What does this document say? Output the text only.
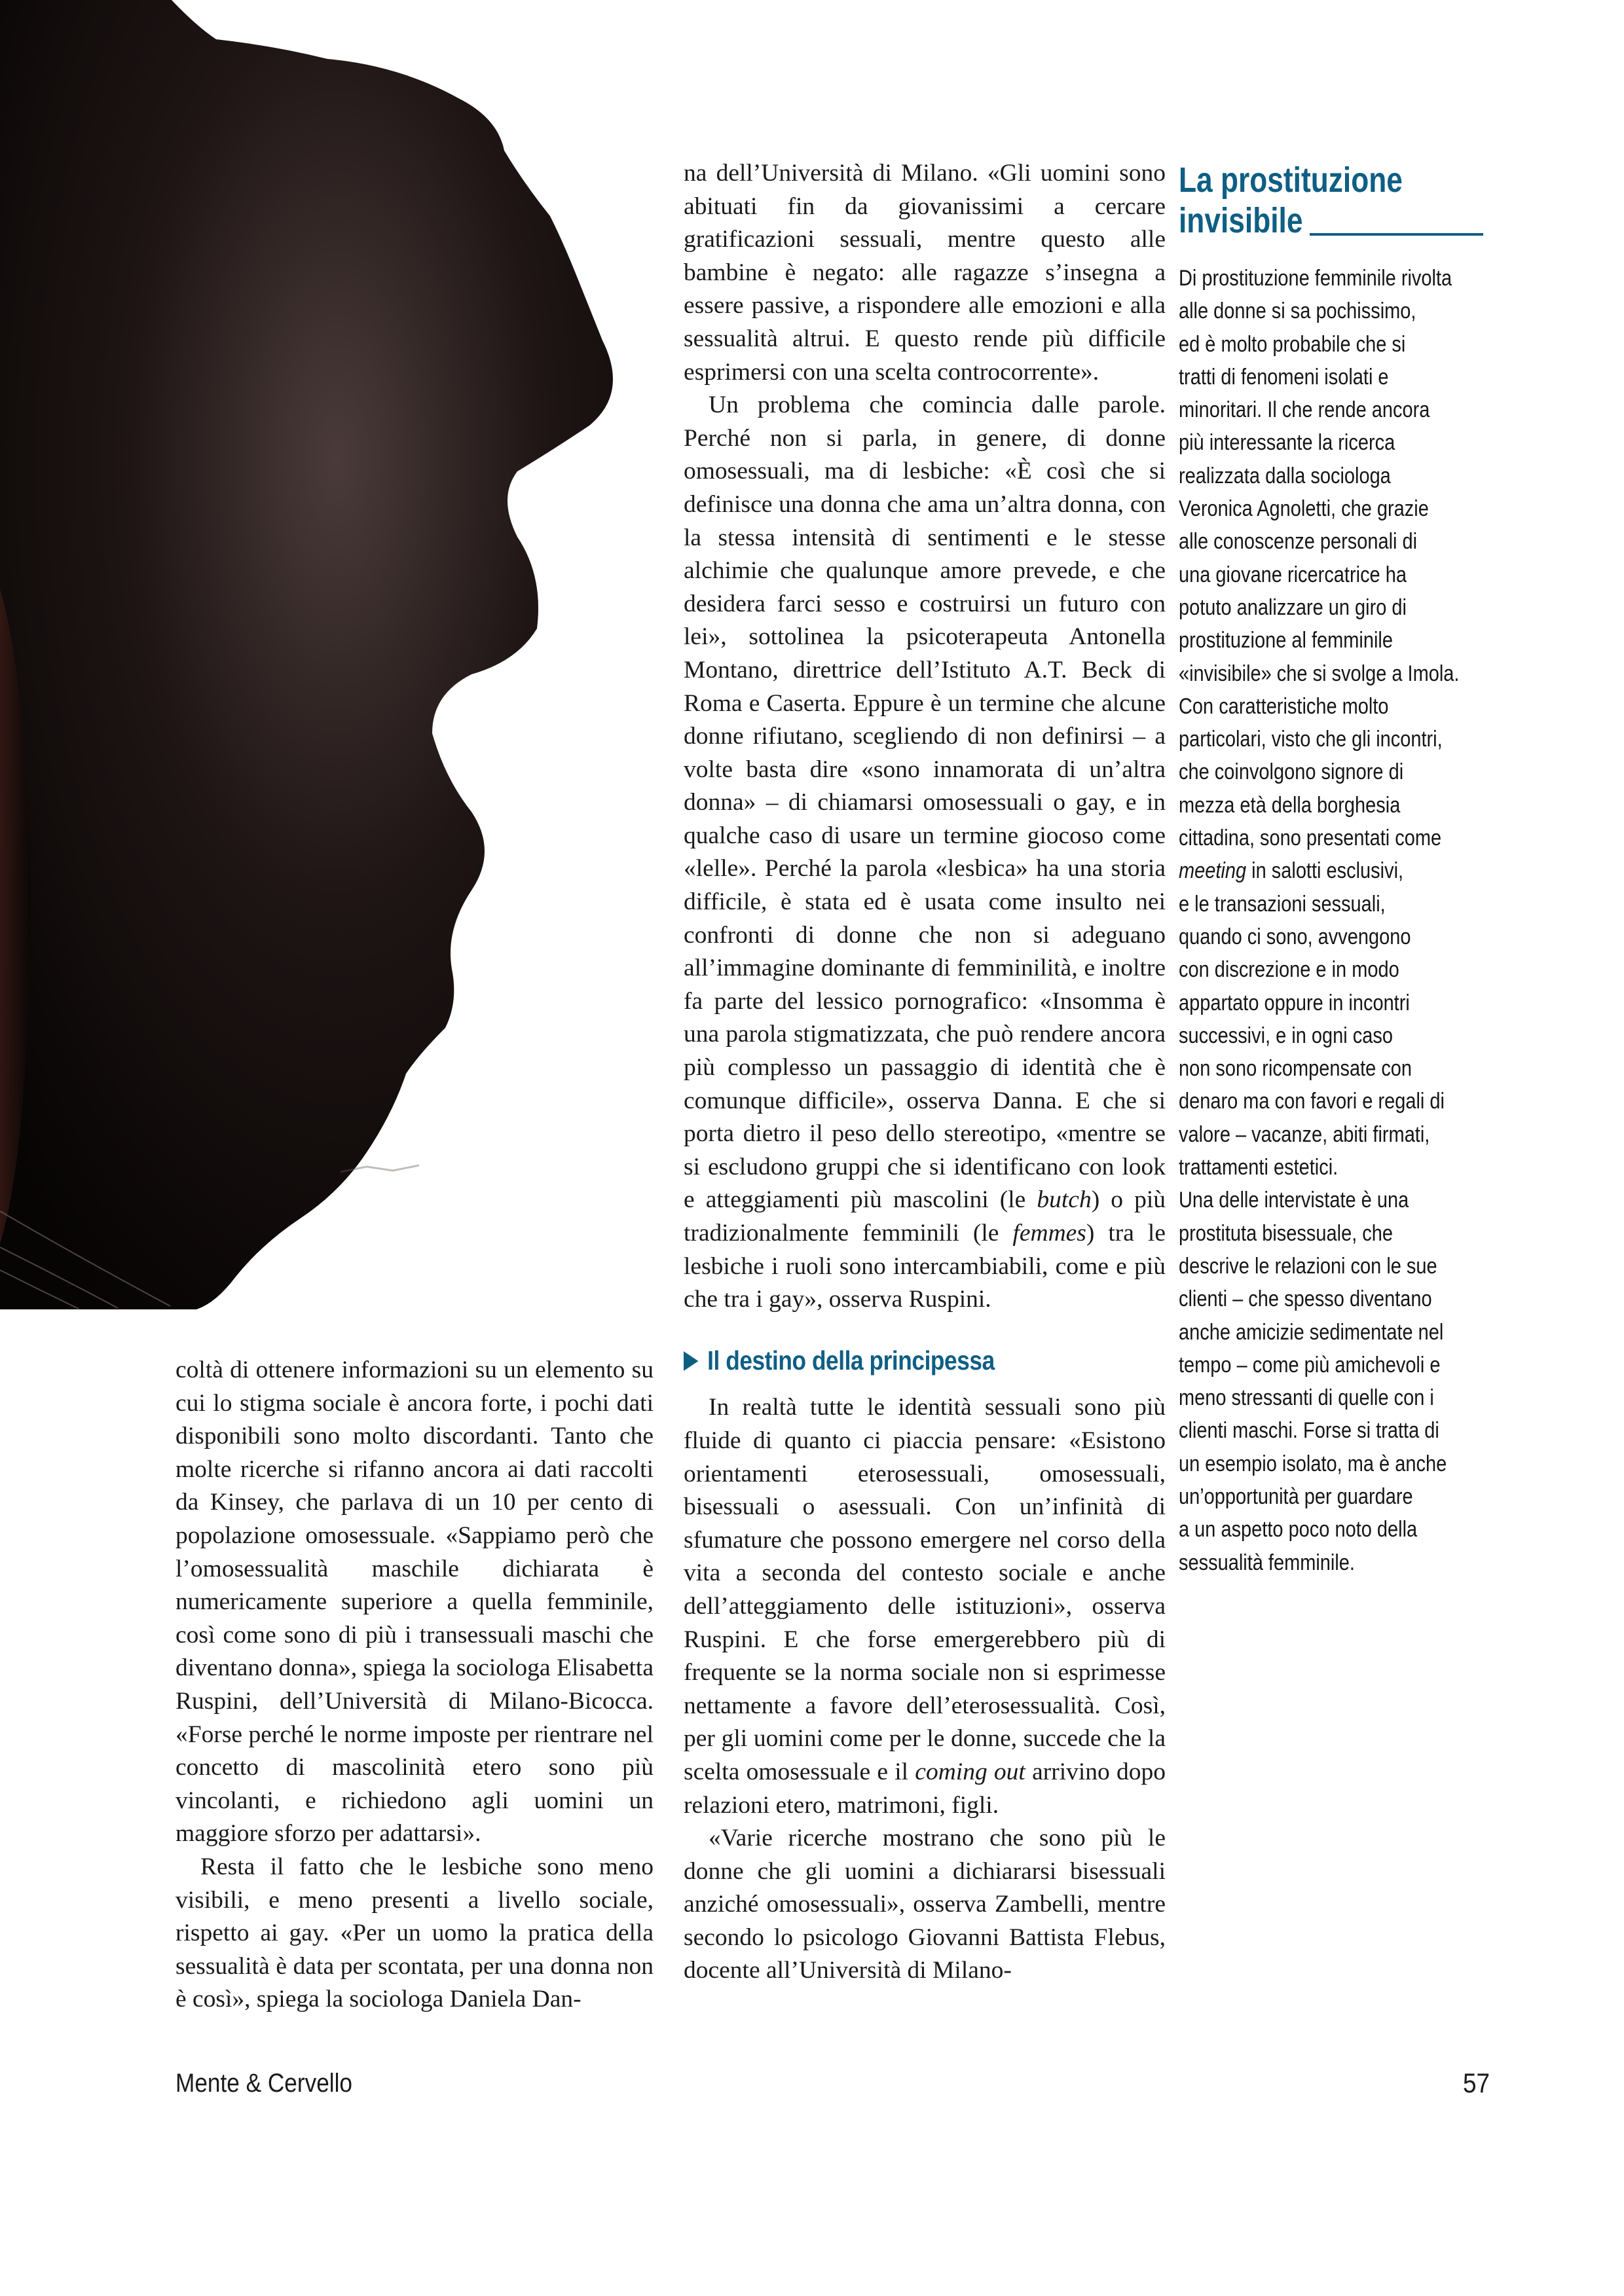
coltà di ottenere informazioni su un elemento su cui lo stigma sociale è ancora forte, i pochi dati disponibili sono molto discordanti. Tanto che molte ricerche si rifanno ancora ai dati raccolti da Kinsey, che parlava di un 10 per cento di popolazione omosessuale. «Sappiamo però che l’omosessualità maschile dichiarata è numericamente superiore a quella femminile, così come sono di più i transessuali maschi che diventano donna», spiega la sociologa Elisabetta Ruspini, dell’Università di Milano-Bicocca. «Forse perché le norme imposte per rientrare nel concetto di mascolinità etero sono più vincolanti, e richiedono agli uomini un maggiore sforzo per adattarsi».

Resta il fatto che le lesbiche sono meno visibili, e meno presenti a livello sociale, rispetto ai gay. «Per un uomo la pratica della sessualità è data per scontata, per una donna non è così», spiega la sociologa Daniela Dan-

na dell’Università di Milano. «Gli uomini sono abituati fin da giovanissimi a cercare gratificazioni sessuali, mentre questo alle bambine è negato: alle ragazze s’insegna a essere passive, a rispondere alle emozioni e alla sessualità altrui. E questo rende più difficile esprimersi con una scelta controcorrente».

Un problema che comincia dalle parole. Perché non si parla, in genere, di donne omosessuali, ma di lesbiche: «È così che si definisce una donna che ama un’altra donna, con la stessa intensità di sentimenti e le stesse alchimie che qualunque amore prevede, e che desidera farci sesso e costruirsi un futuro con lei», sottolinea la psicoterapeuta Antonella Montano, direttrice dell’Istituto A.T. Beck di Roma e Caserta. Eppure è un termine che alcune donne rifiutano, scegliendo di non definirsi – a volte basta dire «sono innamorata di un’altra donna» – di chiamarsi omosessuali o gay, e in qualche caso di usare un termine giocoso come «lelle». Perché la parola «lesbica» ha una storia difficile, è stata ed è usata come insulto nei confronti di donne che non si adeguano all’immagine dominante di femminilità, e inoltre fa parte del lessico pornografico: «Insomma è una parola stigmatizzata, che può rendere ancora più complesso un passaggio di identità che è comunque difficile», osserva Danna. E che si porta dietro il peso dello stereotipo, «mentre se si escludono gruppi che si identificano con look e atteggiamenti più mascolini (le butch) o più tradizionalmente femminili (le femmes) tra le lesbiche i ruoli sono intercambiabili, come e più che tra i gay», osserva Ruspini.

Il destino della principessa

In realtà tutte le identità sessuali sono più fluide di quanto ci piaccia pensare: «Esistono orientamenti eterosessuali, omosessuali, bisessuali o asessuali. Con un’infinità di sfumature che possono emergere nel corso della vita a seconda del contesto sociale e anche dell’atteggiamento delle istituzioni», osserva Ruspini. E che forse emergerebbero più di frequente se la norma sociale non si esprimesse nettamente a favore dell’eterosessualità. Così, per gli uomini come per le donne, succede che la scelta omosessuale e il coming out arrivino dopo relazioni etero, matrimoni, figli.

«Varie ricerche mostrano che sono più le donne che gli uomini a dichiararsi bisessuali anziché omosessuali», osserva Zambelli, mentre secondo lo psicologo Giovanni Battista Flebus, docente all’Università di Milano-

La prostituzione invisibile

Di prostituzione femminile rivolta
alle donne si sa pochissimo,
ed è molto probabile che si
tratti di fenomeni isolati e
minoritari. Il che rende ancora
più interessante la ricerca
realizzata dalla sociologa
Veronica Agnoletti, che grazie
alle conoscenze personali di
una giovane ricercatrice ha
potuto analizzare un giro di
prostituzione al femminile
«invisibile» che si svolge a Imola.
Con caratteristiche molto
particolari, visto che gli incontri,
che coinvolgono signore di
mezza età della borghesia
cittadina, sono presentati come
meeting in salotti esclusivi,
e le transazioni sessuali,
quando ci sono, avvengono
con discrezione e in modo
appartato oppure in incontri
successivi, e in ogni caso
non sono ricompensate con
denaro ma con favori e regali di
valore – vacanze, abiti firmati,
trattamenti estetici.
Una delle intervistate è una
prostituta bisessuale, che
descrive le relazioni con le sue
clienti – che spesso diventano
anche amicizie sedimentate nel
tempo – come più amichevoli e
meno stressanti di quelle con i
clienti maschi. Forse si tratta di
un esempio isolato, ma è anche
un’opportunità per guardare
a un aspetto poco noto della
sessualità femminile.

Mente & Cervello	57
